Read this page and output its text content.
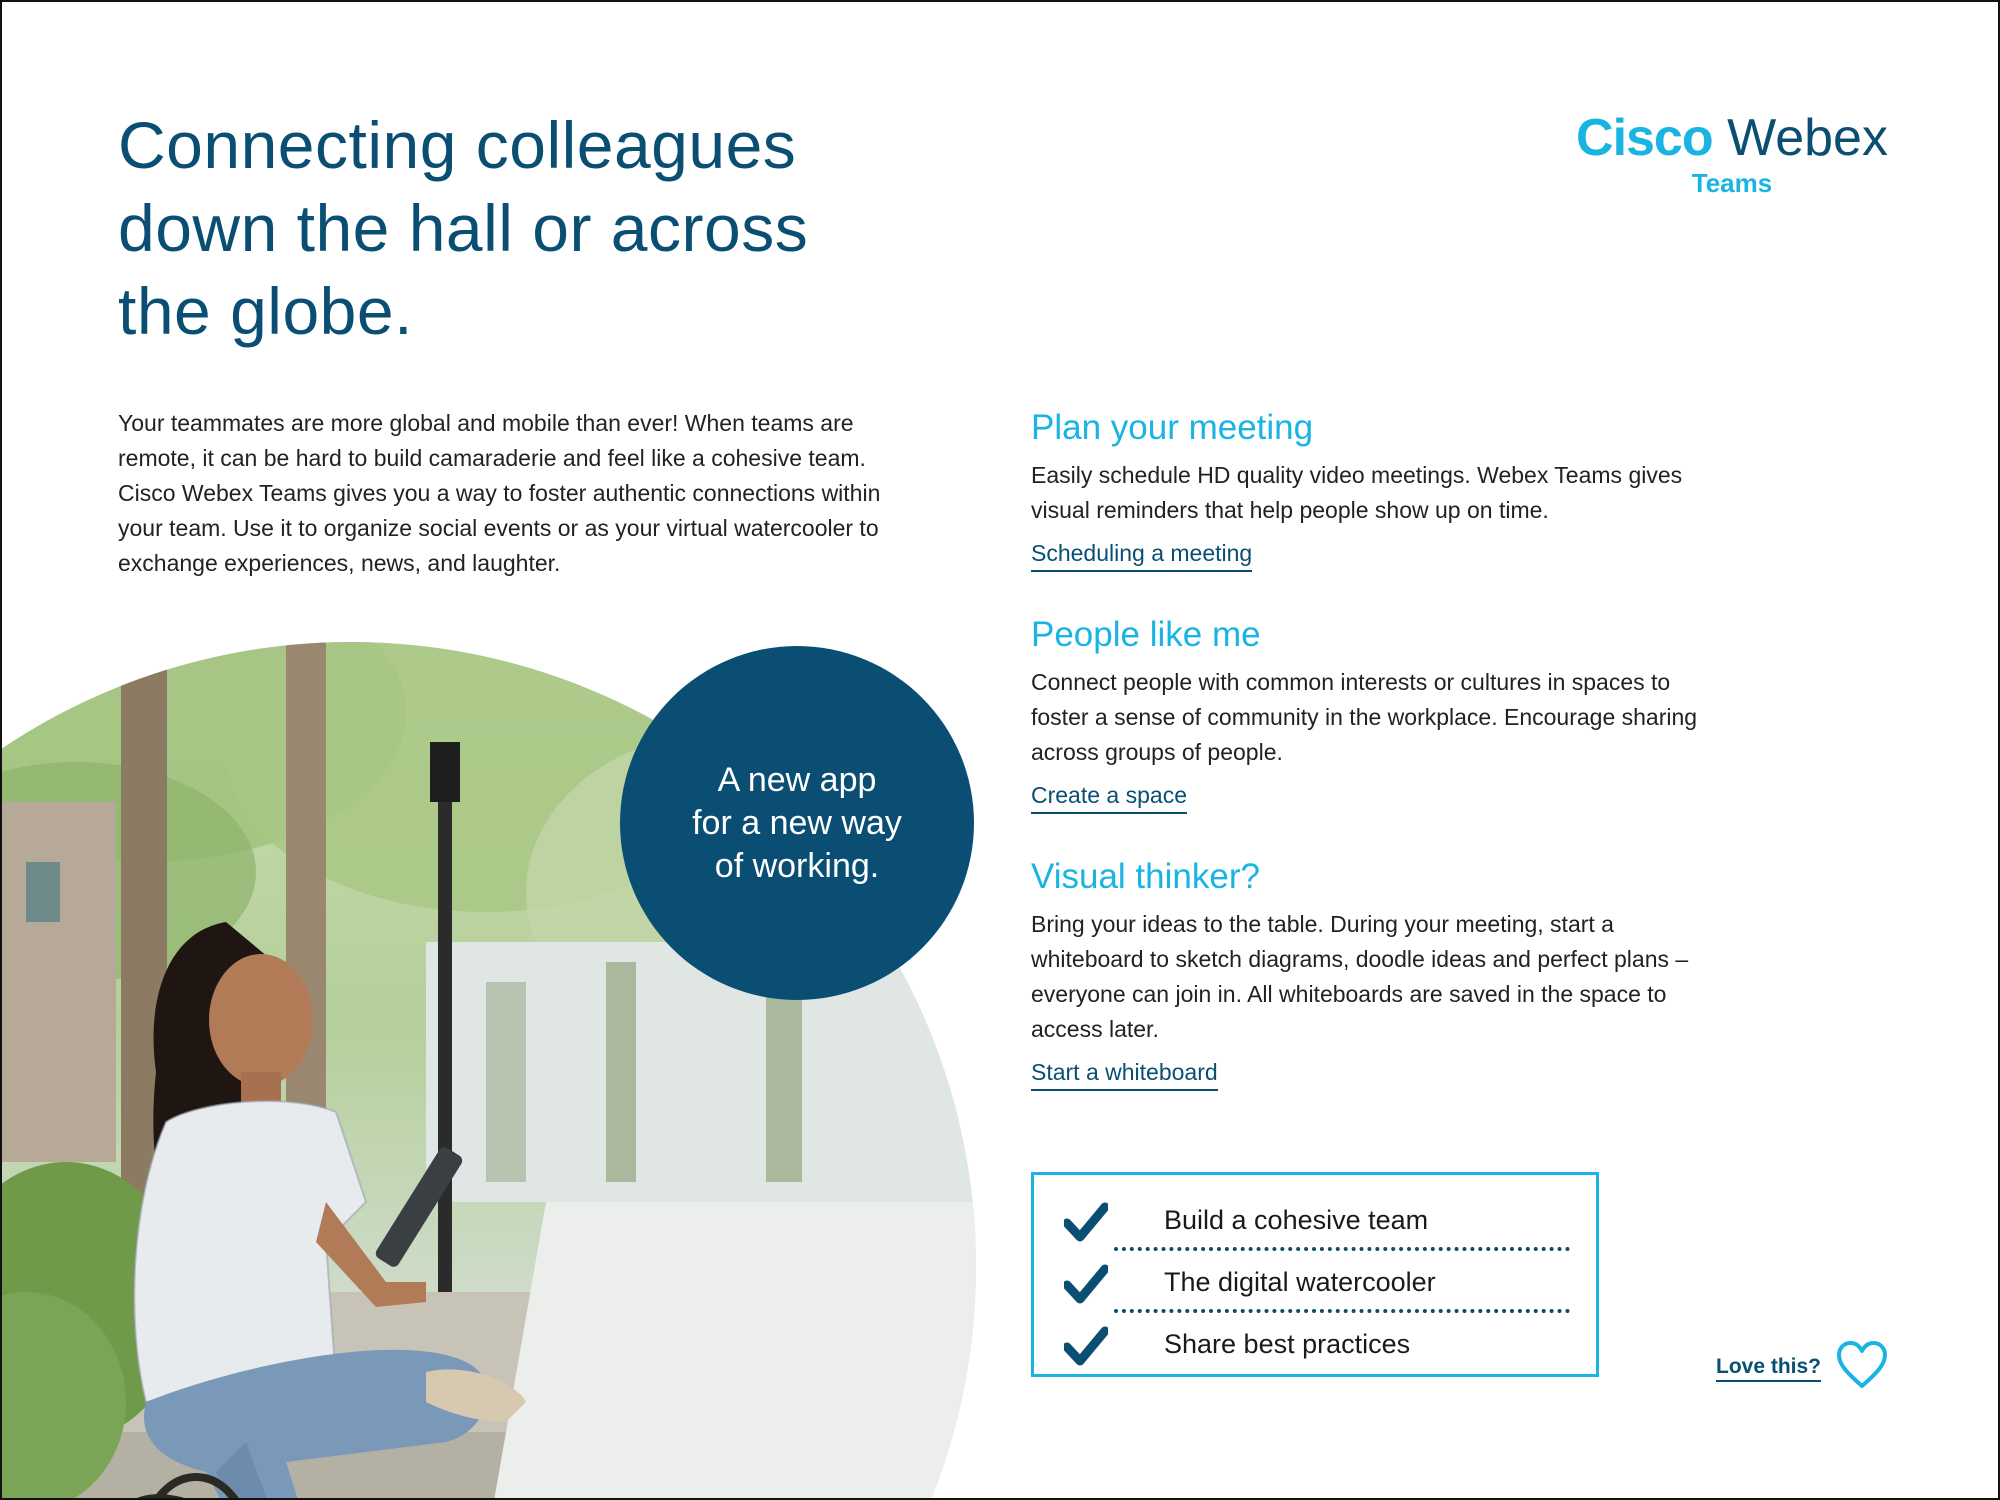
Connecting colleagues
down the hall or across
the globe.
Cisco Webex
Teams

Your teammates are more global and mobile than ever! When teams are remote, it can be hard to build camaraderie and feel like a cohesive team. Cisco Webex Teams gives you a way to foster authentic connections within your team. Use it to organize social events or as your virtual watercooler to exchange experiences, news, and laughter.

A new app
for a new way
of working.
Plan your meeting

Easily schedule HD quality video meetings. Webex Teams gives visual reminders that help people show up on time.

Scheduling a meeting
People like me

Connect people with common interests or cultures in spaces to foster a sense of community in the workplace. Encourage sharing across groups of people.

Create a space
Visual thinker?

Bring your ideas to the table. During your meeting, start a whiteboard to sketch diagrams, doodle ideas and perfect plans – everyone can join in. All whiteboards are saved in the space to access later.

Start a whiteboard
Build a cohesive team
The digital watercooler
Share best practices
Love this?
